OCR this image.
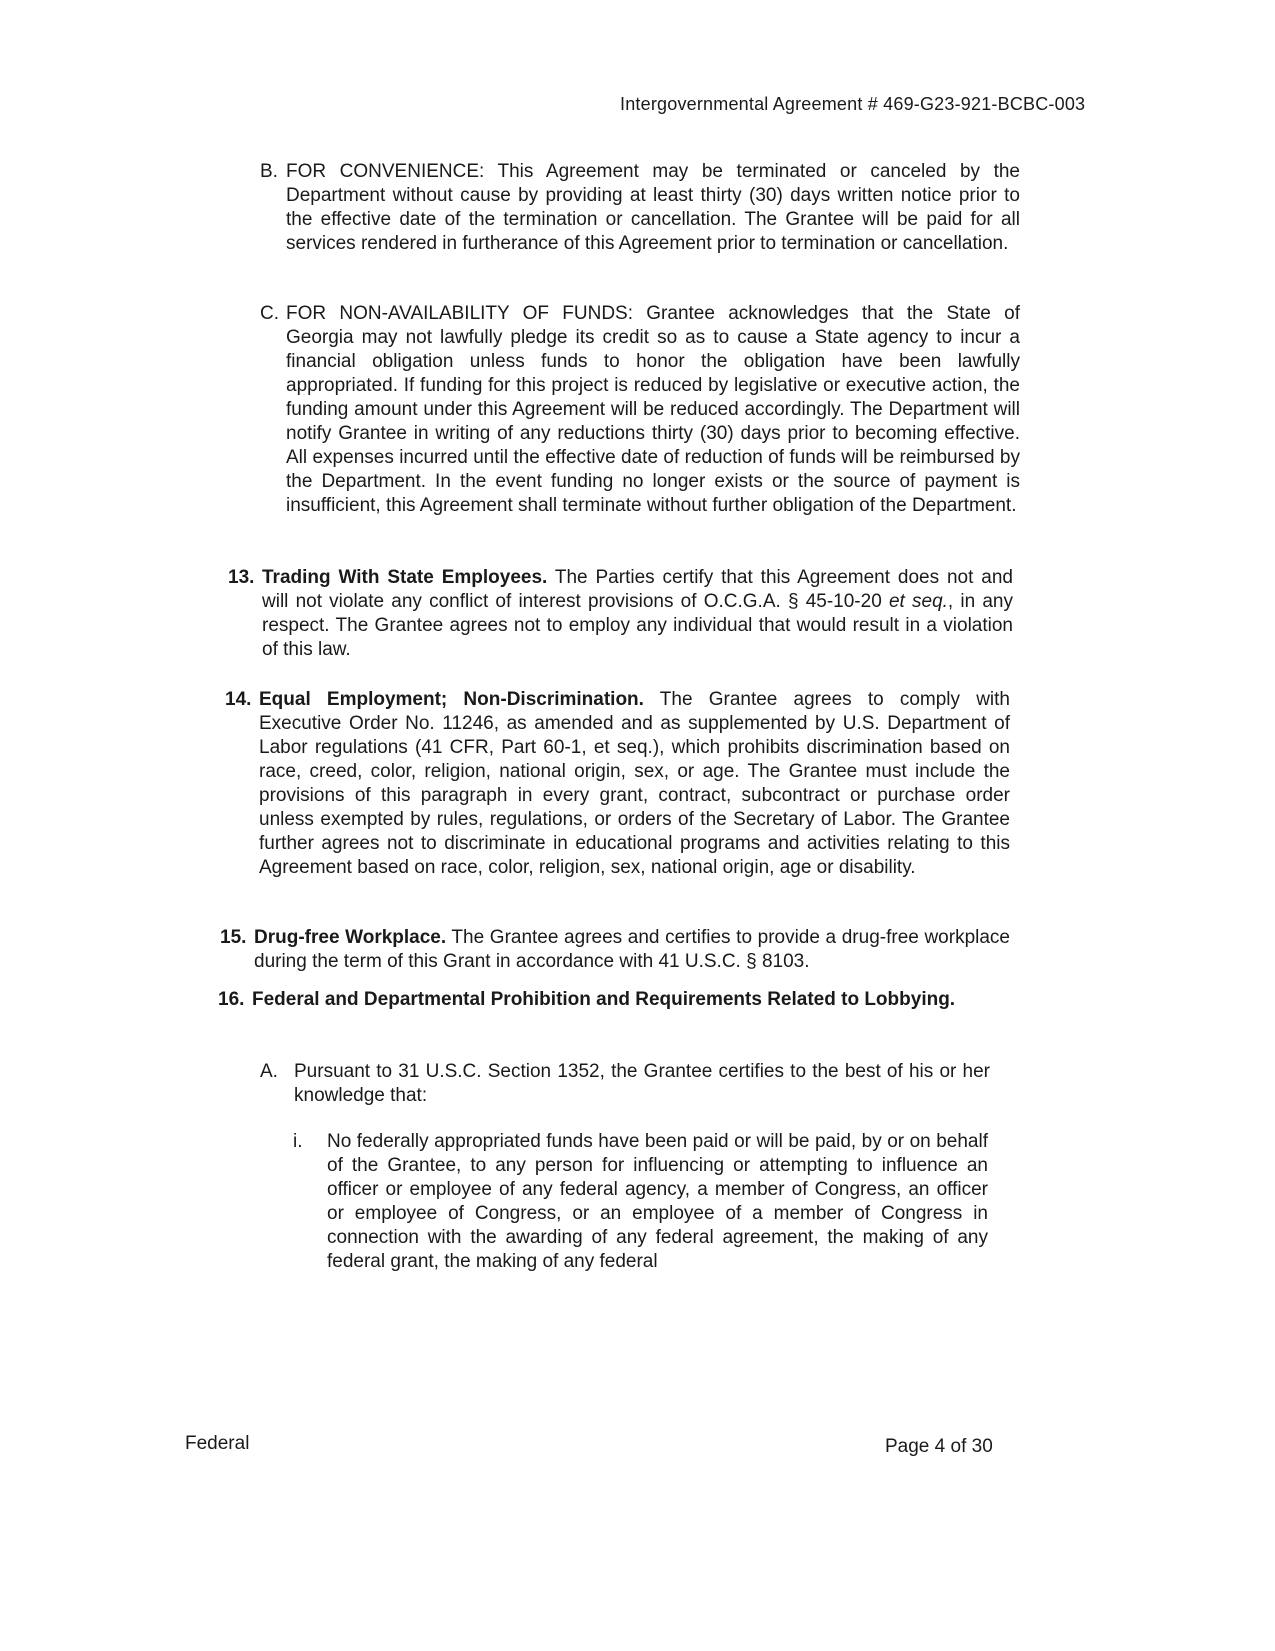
Intergovernmental Agreement # 469-G23-921-BCBC-003
B. FOR CONVENIENCE: This Agreement may be terminated or canceled by the Department without cause by providing at least thirty (30) days written notice prior to the effective date of the termination or cancellation. The Grantee will be paid for all services rendered in furtherance of this Agreement prior to termination or cancellation.

C. FOR NON-AVAILABILITY OF FUNDS: Grantee acknowledges that the State of Georgia may not lawfully pledge its credit so as to cause a State agency to incur a financial obligation unless funds to honor the obligation have been lawfully appropriated. If funding for this project is reduced by legislative or executive action, the funding amount under this Agreement will be reduced accordingly. The Department will notify Grantee in writing of any reductions thirty (30) days prior to becoming effective. All expenses incurred until the effective date of reduction of funds will be reimbursed by the Department. In the event funding no longer exists or the source of payment is insufficient, this Agreement shall terminate without further obligation of the Department.

13. Trading With State Employees. The Parties certify that this Agreement does not and will not violate any conflict of interest provisions of O.C.G.A. § 45-10-20 et seq., in any respect. The Grantee agrees not to employ any individual that would result in a violation of this law.

14. Equal Employment; Non-Discrimination. The Grantee agrees to comply with Executive Order No. 11246, as amended and as supplemented by U.S. Department of Labor regulations (41 CFR, Part 60-1, et seq.), which prohibits discrimination based on race, creed, color, religion, national origin, sex, or age. The Grantee must include the provisions of this paragraph in every grant, contract, subcontract or purchase order unless exempted by rules, regulations, or orders of the Secretary of Labor. The Grantee further agrees not to discriminate in educational programs and activities relating to this Agreement based on race, color, religion, sex, national origin, age or disability.

15. Drug-free Workplace. The Grantee agrees and certifies to provide a drug-free workplace during the term of this Grant in accordance with 41 U.S.C. § 8103.

16. Federal and Departmental Prohibition and Requirements Related to Lobbying.

A. Pursuant to 31 U.S.C. Section 1352, the Grantee certifies to the best of his or her knowledge that:

i.	No federally appropriated funds have been paid or will be paid, by or on behalf of the Grantee, to any person for influencing or attempting to influence an officer or employee of any federal agency, a member of Congress, an officer or employee of Congress, or an employee of a member of Congress in connection with the awarding of any federal agreement, the making of any federal grant, the making of any federal

Federal	Page 4 of 30
